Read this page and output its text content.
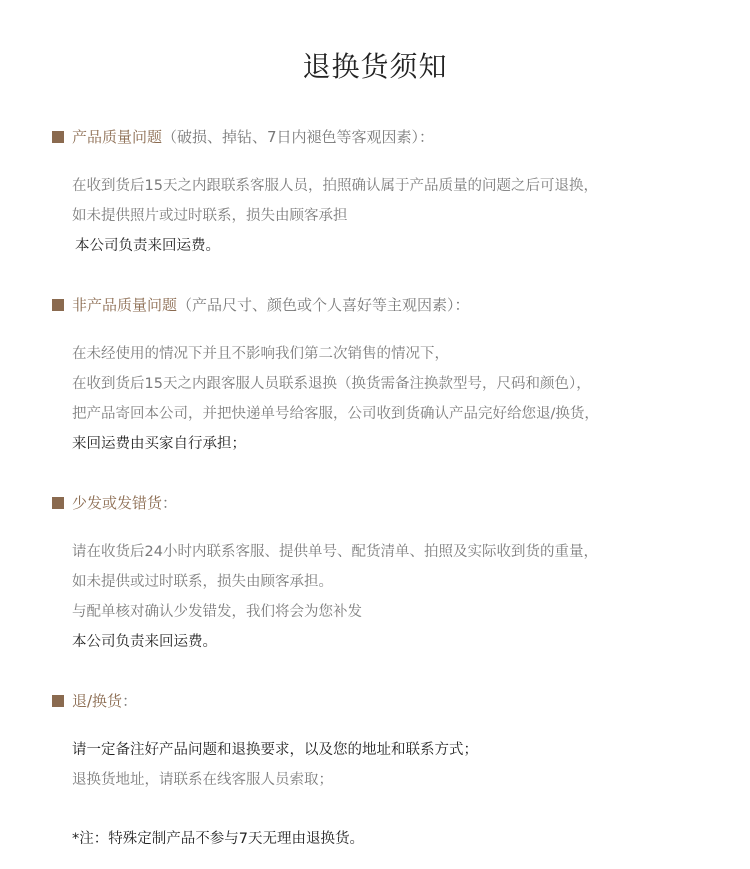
退换货须知
产品质量问题 （破损、掉钻、7日内褪色等客观因素）：
在收到货后15天之内跟联系客服人员，拍照确认属于产品质量的问题之后可退换，
如未提供照片或过时联系，损失由顾客承担
本公司负责来回运费。
非产品质量问题 （产品尺寸、颜色或个人喜好等主观因素）：
在未经使用的情况下并且不影响我们第二次销售的情况下，
在收到货后15天之内跟客服人员联系退换（换货需备注换款型号，尺码和颜色），
把产品寄回本公司，并把快递单号给客服，公司收到货确认产品完好给您退/换货，
来回运费由买家自行承担；
少发或发错货 ：
请在收货后24小时内联系客服、提供单号、配货清单、拍照及实际收到货的重量，
如未提供或过时联系，损失由顾客承担。
与配单核对确认少发错发，我们将会为您补发
本公司负责来回运费。
退/换货 ：
请一定备注好产品问题和退换要求，以及您的地址和联系方式；
退换货地址，请联系在线客服人员索取；
*注：特殊定制产品不参与7天无理由退换货。
